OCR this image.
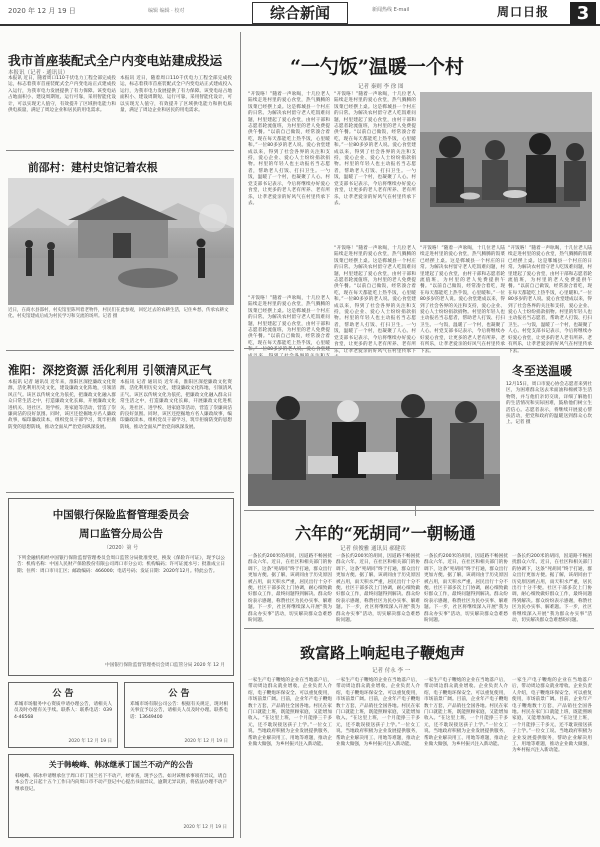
2020 年 12 月 19 日	编辑 编辑 · 校对	综合新闻	新闻热线 E-mail	周口日报	3
我市首座装配式全户内变电站建成投运
本报讯（记者 · 通讯员）
本报讯 近日，随着周口110千伏电力工程全部完成投运，标志着我市首座装配式全户内变电站正式建成投入运行，为我市电力发展提供了有力保障。该变电站占地面积小、建设周期短、运行可靠，采用智能化设计，可以实现无人值守，有效提升了区域供电能力和供电质量，满足了周边企业和居民的用电需求。
本报讯 近日，随着周口110千伏电力工程全部完成投运，标志着我市首座装配式全户内变电站正式建成投入运行，为我市电力发展提供了有力保障。该变电站占地面积小、建设周期短、运行可靠，采用智能化设计，可以实现无人值守，有效提升了区域供电能力和供电质量，满足了周边企业和居民的用电需求。
前邵村：建村史馆记着农根
近日，在商水县邵村，村史馆里陈列着老物件，村民们在此参观，回忆过去的农耕生活，记住乡愁，传承农耕文化。村史馆建成后成为村民学习和交流的场所。记者 摄
淮阳：深挖资源 活化利用 引领清风正气
本报讯 记者 通讯员 近年来，淮阳区深挖廉政文化资源，活化利用历史文化，建设廉政文化阵地，引领清风正气。该区以传统文化为依托，把廉政文化融入群众日常生活之中，打造廉政文化长廊，开展廉政文化进机关、进社区、进学校、进家庭等活动，营造了崇廉尚洁的良好氛围。同时，该区还挖掘地方名人廉政故事，编印廉政读本，组织党员干部学习，筑牢拒腐防变的思想防线，推动全面从严治党向纵深发展。
本报讯 记者 通讯员 近年来，淮阳区深挖廉政文化资源，活化利用历史文化，建设廉政文化阵地，引领清风正气。该区以传统文化为依托，把廉政文化融入群众日常生活之中，打造廉政文化长廊，开展廉政文化进机关、进社区、进学校、进家庭等活动，营造了崇廉尚洁的良好氛围。同时，该区还挖掘地方名人廉政故事，编印廉政读本，组织党员干部学习，筑牢拒腐防变的思想防线，推动全面从严治党向纵深发展。
中国银行保险监督管理委员会
周口监管分局公告
（2020）第 号
下列金融机构经中国银行保险监督管理委员会周口监管分局批准变更，换发《保险许可证》，现予以公告：机构名称：中国人民财产保险股份有限公司周口市分公司；机构编码；许可证流水号；批准成立日期；住所：周口市川汇区；邮政编码：466000；电话号码；发证日期：2020年12月。特此公告。
中国银行保险监督管理委员会周口监管分局 2020 年 12 月
公 告
邓城市场服务中心资质申请办理公告，请相关人员及时办理有关手续。联系人：联系电话：0394-46568
2020 年 12 月 19 日
公 告
邓城市场有限公司公告：根据有关规定，现对相关事宜予以公告，请相关人员及时办理。联系电话：13649400
2020 年 12 月 19 日
关于韩峻峰、韩冰继承丁国兰不动产的公告
韩峻峰、韩冰申请继承位于周口市丁国兰名下不动产，经审查，现予公告。如对该继承事项有异议，请自本公告之日起十五个工作日内向周口市不动产登记中心提出书面异议，逾期无异议的，将依法办理不动产继承登记。
2020 年 12 月 19 日
“一勺饭”温暖一个村
记者 秦则 李 徐 图
“开饭咯！”随着一声吆喝，十几位老人陆续走进村里的爱心食堂，热气腾腾的饭菜已经摆上桌。这是郸城县一个村庄的日常。为解决农村留守老人吃饭难问题，村里建起了爱心食堂，由村干部和志愿者轮流值班，为村里的老人免费提供午餐。“以前自己做饭，经常凑合着吃，现在每天都能吃上热乎饭，心里暖和。”一位80多岁的老人说。爱心食堂建成以来，得到了社会各界的关注和支持，爱心企业、爱心人士纷纷捐款捐物。村里的年轻人也主动报名当志愿者，帮助老人打饭、打扫卫生。一勺饭，温暖了一个村，也凝聚了人心。村党支部书记表示，今后将继续办好爱心食堂，让更多的老人老有所养、老有所乐，让孝老爱亲的好风气在村里传承下去。
“开饭咯！”随着一声吆喝，十几位老人陆续走进村里的爱心食堂，热气腾腾的饭菜已经摆上桌。这是郸城县一个村庄的日常。为解决农村留守老人吃饭难问题，村里建起了爱心食堂，由村干部和志愿者轮流值班，为村里的老人免费提供午餐。“以前自己做饭，经常凑合着吃，现在每天都能吃上热乎饭，心里暖和。”一位80多岁的老人说。爱心食堂建成以来，得到了社会各界的关注和支持，爱心企业、爱心人士纷纷捐款捐物。村里的年轻人也主动报名当志愿者，帮助老人打饭、打扫卫生。一勺饭，温暖了一个村，也凝聚了人心。村党支部书记表示，今后将继续办好爱心食堂，让更多的老人老有所养、老有所乐，让孝老爱亲的好风气在村里传承下去。
“开饭咯！”随着一声吆喝，十几位老人陆续走进村里的爱心食堂，热气腾腾的饭菜已经摆上桌。这是郸城县一个村庄的日常。为解决农村留守老人吃饭难问题，村里建起了爱心食堂，由村干部和志愿者轮流值班，为村里的老人免费提供午餐。“以前自己做饭，经常凑合着吃，现在每天都能吃上热乎饭，心里暖和。”一位80多岁的老人说。爱心食堂建
“开饭咯！”随着一声吆喝，十几位老人陆续走进村里的爱心食堂，热气腾腾的饭菜已经摆上桌。这是郸城县一个村庄的日常。为解决农村留守老人吃饭难问题，村里建起了爱心食堂，由村干部和志愿者轮流值班，为村里的老人免费提供午餐。“以前自己做饭，经常凑合着吃，现在每天都能吃上热乎饭，心里暖和。”一位80多岁的老人说。爱心食堂建成以来，得到了社会各界的关注和支持，爱心企业、爱心人士纷纷捐款捐物。村里的年轻人也主动报名当志愿者，帮助老人打饭、打扫卫生。一勺饭，温暖了一个村，也凝聚了人心。村党支部书记表示，今后将继续办好爱心食堂，让更多的老人老有所养、老有所乐，让孝老爱亲的好风气在村里传承下
“开饭咯！”随着一声吆喝，十几位老人陆续走进村里的爱心食堂，热气腾腾的饭菜已经摆上桌。这是郸城县一个村庄的日常。为解决农村留守老人吃饭难问题，村里建起了爱心食堂，由村干部和志愿者轮流值班，为村里的老人免费提供午餐。“以前自己做饭，经常凑合着吃，现在每天都能吃上热乎饭，心里暖和。”一位80多岁的老人说。爱心食堂建成以来，得到了社会各界的关注和支持，爱心企业、爱心人士纷纷捐款捐物。村里的年轻人也主动报名当志愿者，帮助老人打饭、打扫卫生。一勺饭，温暖了一个村，也凝聚了人心。村党支部书记表示，今后将继续办好爱心食堂，让更多的老人老有所养、老有所乐，让孝老爱亲的好风气在村里传承下去。
“开饭咯！”随着一声吆喝，十几位老人陆续走进村里的爱心食堂，热气腾腾的饭菜已经摆上桌。这是郸城县一个村庄的日常。为解决农村留守老人吃饭难问题，村里建起了爱心食堂，由村干部和志愿者轮流值班，为村里的老人免费提供午餐。“以前自己做饭，经常凑合着吃，现在每天都能吃上热乎饭，心里暖和。”一位80多岁的老人说。爱心食堂建成以来，得到了社会各界的关注和支持，爱心企业、爱心人士纷纷捐款捐物。村里的年轻人也主动报名当志愿者，帮助老人打饭、打扫卫生。一勺饭，温暖了一个村，也凝聚了人心。村党支部书记表示，今后将继续办好爱心食堂，让更多的老人老有所养、老有所乐，让孝老爱亲的好风气在村里传承下去。
冬至送温暖
12月15日，周口市爱心协会志愿者来到社区，为困难群众送去米面油和棉被等生活物资，并与他们亲切交谈，详细了解他们的生活情况和实际困难，鼓励他们树立生活信心。志愿者表示，将继续开展爱心帮扶活动，把党和政府的温暖送到群众心坎上。记者 摄
六年的“死胡同”一朝畅通
记者 侯俊雅 通讯员 郝健宾
一条长约200米的胡同，因道路不畅困扰群众六年。近日，在社区和相关部门的协调下，这条“死胡同”终于打通，群众出行更加方便。据了解，该胡同由于历史原因被占用，雨天积水严重，居民出行十分不便。社区干部多次上门协调，耐心细致做好群众工作，最终问题得到解决。群众纷纷表示感谢，称赞社区为民办实事、解难题。下一步，社区将继续深入开展“我为群众办实事”活动，切实解决群众急难愁盼问题。
一条长约200米的胡同，因道路不畅困扰群众六年。近日，在社区和相关部门的协调下，这条“死胡同”终于打通，群众出行更加方便。据了解，该胡同由于历史原因被占用，雨天积水严重，居民出行十分不便。社区干部多次上门协调，耐心细致做好群众工作，最终问题得到解决。群众纷纷表示感谢，称赞社区为民办实事、解难题。下一步，社区将继续深入开展“我为群众办实事”活动，切实解决群众急难愁盼问题。
一条长约200米的胡同，因道路不畅困扰群众六年。近日，在社区和相关部门的协调下，这条“死胡同”终于打通，群众出行更加方便。据了解，该胡同由于历史原因被占用，雨天积水严重，居民出行十分不便。社区干部多次上门协调，耐心细致做好群众工作，最终问题得到解决。群众纷纷表示感谢，称赞社区为民办实事、解难题。下一步，社区将继续深入开展“我为群众办实事”活动，切实解决群众急难愁盼问题。
一条长约200米的胡同，因道路不畅困扰群众六年。近日，在社区和相关部门的协调下，这条“死胡同”终于打通，群众出行更加方便。据了解，该胡同由于历史原因被占用，雨天积水严重，居民出行十分不便。社区干部多次上门协调，耐心细致做好群众工作，最终问题得到解决。群众纷纷表示感谢，称赞社区为民办实事、解难题。下一步，社区将继续深入开展“我为群众办实事”活动，切实解决群众急难愁盼问题。
致富路上响起电子鞭炮声
记者 付永 李 一
一家生产电子鞭炮的企业在当地落户后，带动周边群众就业增收。企业负责人介绍，电子鞭炮环保安全、可以重复使用，市场前景广阔。目前，企业年产电子鞭炮数十万套，产品销往全国各地。村民在家门口就能上班，既能照顾家庭，又能增加收入。“在这里上班，一个月能挣三千多元，还不耽误接送孩子上学。”一位女工说。当地政府积极为企业发展提供服务，帮助企业解决用工、用地等难题，推动企业做大做强，为乡村振兴注入新动能。
一家生产电子鞭炮的企业在当地落户后，带动周边群众就业增收。企业负责人介绍，电子鞭炮环保安全、可以重复使用，市场前景广阔。目前，企业年产电子鞭炮数十万套，产品销往全国各地。村民在家门口就能上班，既能照顾家庭，又能增加收入。“在这里上班，一个月能挣三千多元，还不耽误接送孩子上学。”一位女工说。当地政府积极为企业发展提供服务，帮助企业解决用工、用地等难题，推动企业做大做强，为乡村振兴注入新动能。
一家生产电子鞭炮的企业在当地落户后，带动周边群众就业增收。企业负责人介绍，电子鞭炮环保安全、可以重复使用，市场前景广阔。目前，企业年产电子鞭炮数十万套，产品销往全国各地。村民在家门口就能上班，既能照顾家庭，又能增加收入。“在这里上班，一个月能挣三千多元，还不耽误接送孩子上学。”一位女工说。当地政府积极为企业发展提供服务，帮助企业解决用工、用地等难题，推动企业做大做强，为乡村振兴注入新动能。
一家生产电子鞭炮的企业在当地落户后，带动周边群众就业增收。企业负责人介绍，电子鞭炮环保安全、可以重复使用，市场前景广阔。目前，企业年产电子鞭炮数十万套，产品销往全国各地。村民在家门口就能上班，既能照顾家庭，又能增加收入。“在这里上班，一个月能挣三千多元，还不耽误接送孩子上学。”一位女工说。当地政府积极为企业发展提供服务，帮助企业解决用工、用地等难题，推动企业做大做强，为乡村振兴注入新动能。
